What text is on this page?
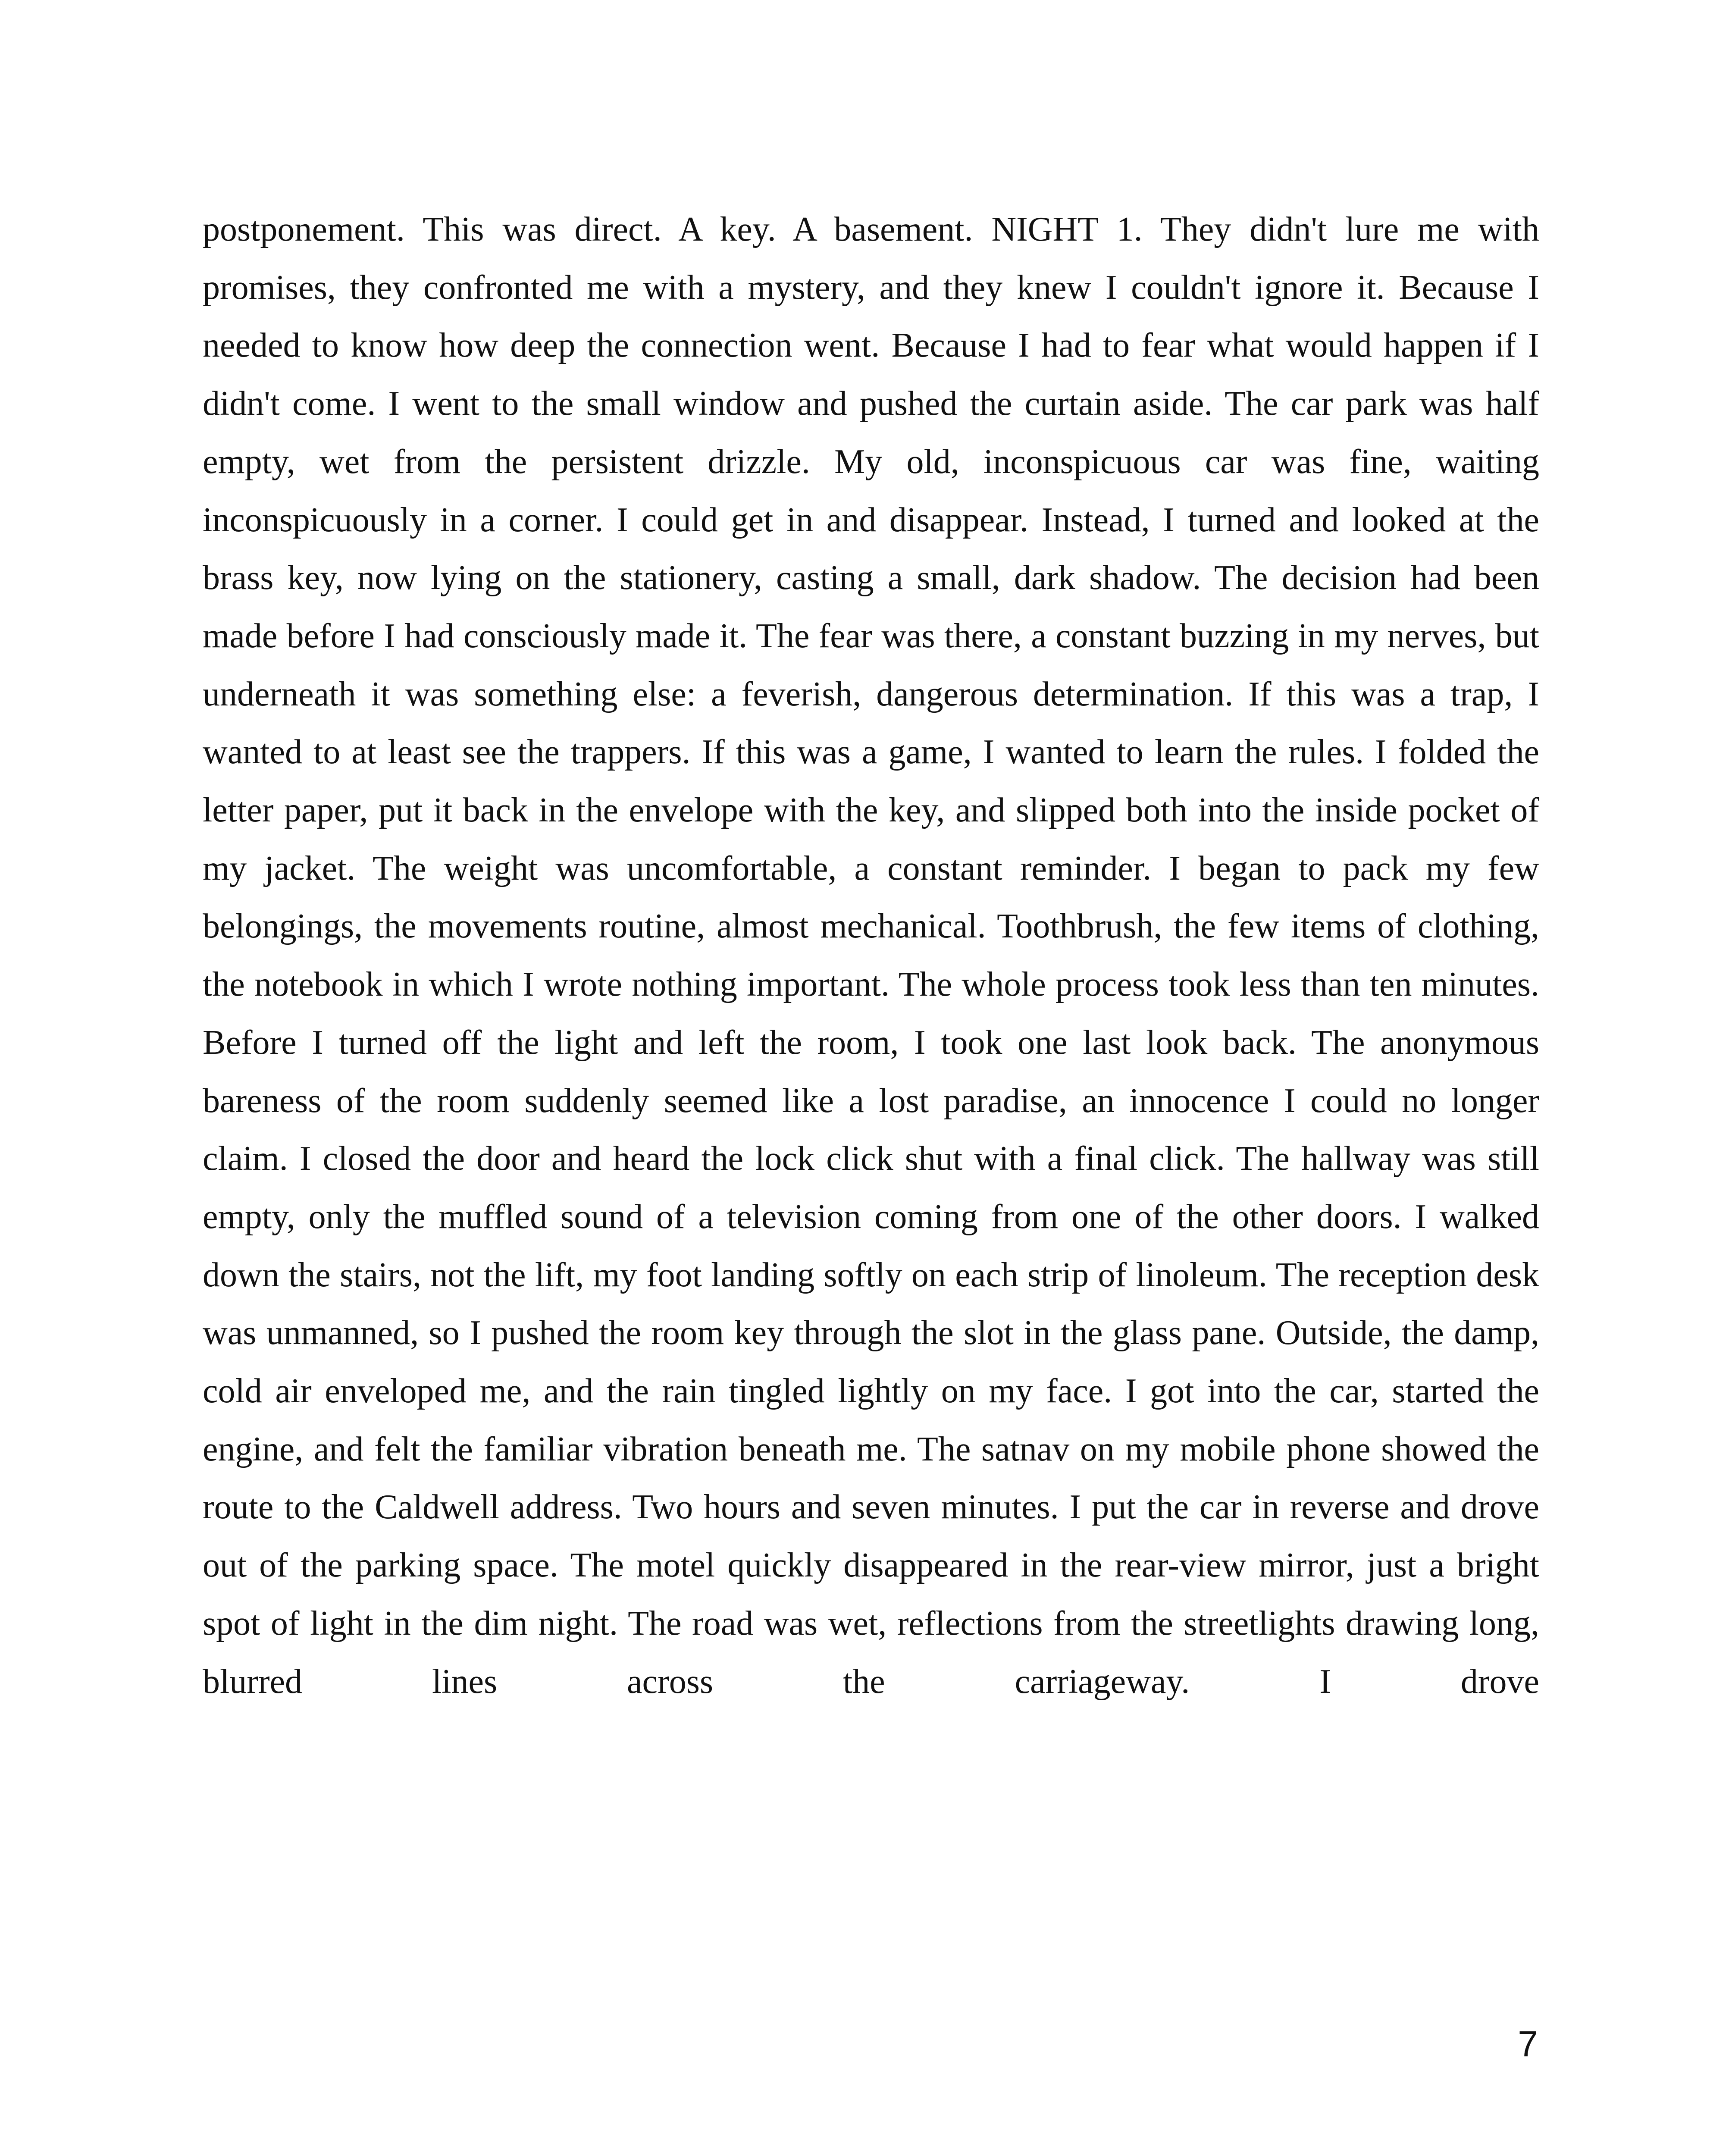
postponement. This was direct. A key. A basement. NIGHT 1. They didn't lure me with promises, they confronted me with a mystery, and they knew I couldn't ignore it. Because I needed to know how deep the connection went. Because I had to fear what would happen if I didn't come. I went to the small window and pushed the curtain aside. The car park was half empty, wet from the persistent drizzle. My old, inconspicuous car was fine, waiting inconspicuously in a corner. I could get in and disappear. Instead, I turned and looked at the brass key, now lying on the stationery, casting a small, dark shadow. The decision had been made before I had consciously made it. The fear was there, a constant buzzing in my nerves, but underneath it was something else: a feverish, dangerous determination. If this was a trap, I wanted to at least see the trappers. If this was a game, I wanted to learn the rules. I folded the letter paper, put it back in the envelope with the key, and slipped both into the inside pocket of my jacket. The weight was uncomfortable, a constant reminder. I began to pack my few belongings, the movements routine, almost mechanical. Toothbrush, the few items of clothing, the notebook in which I wrote nothing important. The whole process took less than ten minutes. Before I turned off the light and left the room, I took one last look back. The anonymous bareness of the room suddenly seemed like a lost paradise, an innocence I could no longer claim. I closed the door and heard the lock click shut with a final click. The hallway was still empty, only the muffled sound of a television coming from one of the other doors. I walked down the stairs, not the lift, my foot landing softly on each strip of linoleum. The reception desk was unmanned, so I pushed the room key through the slot in the glass pane. Outside, the damp, cold air enveloped me, and the rain tingled lightly on my face. I got into the car, started the engine, and felt the familiar vibration beneath me. The satnav on my mobile phone showed the route to the Caldwell address. Two hours and seven minutes. I put the car in reverse and drove out of the parking space. The motel quickly disappeared in the rear-view mirror, just a bright spot of light in the dim night. The road was wet, reflections from the streetlights drawing long, blurred lines across the carriageway. I drove

7
